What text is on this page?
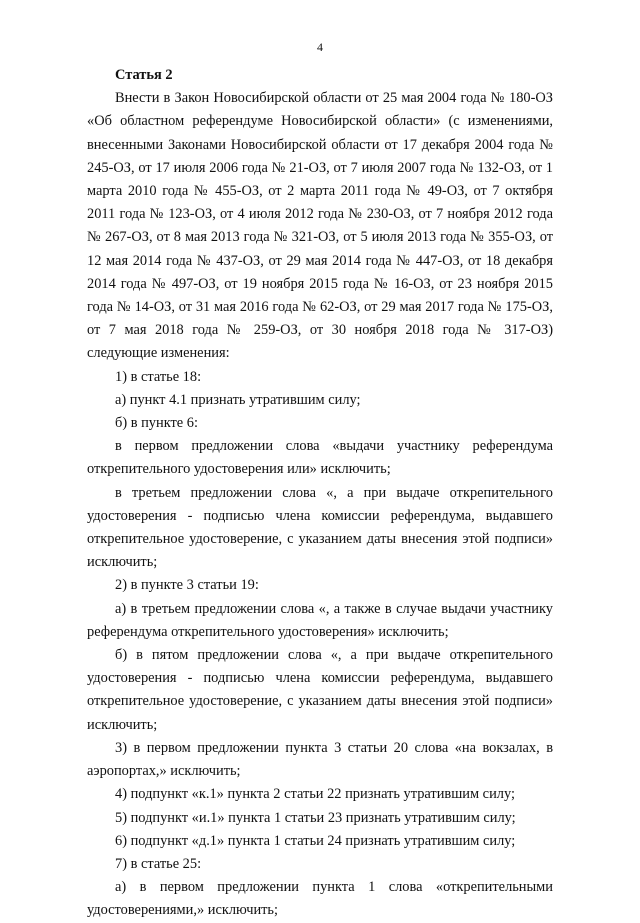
4

Статья 2

Внести в Закон Новосибирской области от 25 мая 2004 года № 180-ОЗ «Об областном референдуме Новосибирской области» (с изменениями, внесенными Законами Новосибирской области от 17 декабря 2004 года № 245-ОЗ, от 17 июля 2006 года № 21-ОЗ, от 7 июля 2007 года № 132-ОЗ, от 1 марта 2010 года № 455-ОЗ, от 2 марта 2011 года № 49-ОЗ, от 7 октября 2011 года № 123-ОЗ, от 4 июля 2012 года № 230-ОЗ, от 7 ноября 2012 года № 267-ОЗ, от 8 мая 2013 года № 321-ОЗ, от 5 июля 2013 года № 355-ОЗ, от 12 мая 2014 года № 437-ОЗ, от 29 мая 2014 года № 447-ОЗ, от 18 декабря 2014 года № 497-ОЗ, от 19 ноября 2015 года № 16-ОЗ, от 23 ноября 2015 года № 14-ОЗ, от 31 мая 2016 года № 62-ОЗ, от 29 мая 2017 года № 175-ОЗ, от 7 мая 2018 года № 259-ОЗ, от 30 ноября 2018 года № 317-ОЗ) следующие изменения:

1) в статье 18:

а) пункт 4.1 признать утратившим силу;

б) в пункте 6:

в первом предложении слова «выдачи участнику референдума открепительного удостоверения или» исключить;

в третьем предложении слова «, а при выдаче открепительного удостоверения - подписью члена комиссии референдума, выдавшего открепительное удостоверение, с указанием даты внесения этой подписи» исключить;

2) в пункте 3 статьи 19:

а) в третьем предложении слова «, а также в случае выдачи участнику референдума открепительного удостоверения» исключить;

б) в пятом предложении слова «, а при выдаче открепительного удостоверения - подписью члена комиссии референдума, выдавшего открепительное удостоверение, с указанием даты внесения этой подписи» исключить;

3) в первом предложении пункта 3 статьи 20 слова «на вокзалах, в аэропортах,» исключить;

4) подпункт «к.1» пункта 2 статьи 22 признать утратившим силу;

5) подпункт «и.1» пункта 1 статьи 23 признать утратившим силу;

6) подпункт «д.1» пункта 1 статьи 24 признать утратившим силу;

7) в статье 25:

а) в первом предложении пункта 1 слова «открепительными удостоверениями,» исключить;
